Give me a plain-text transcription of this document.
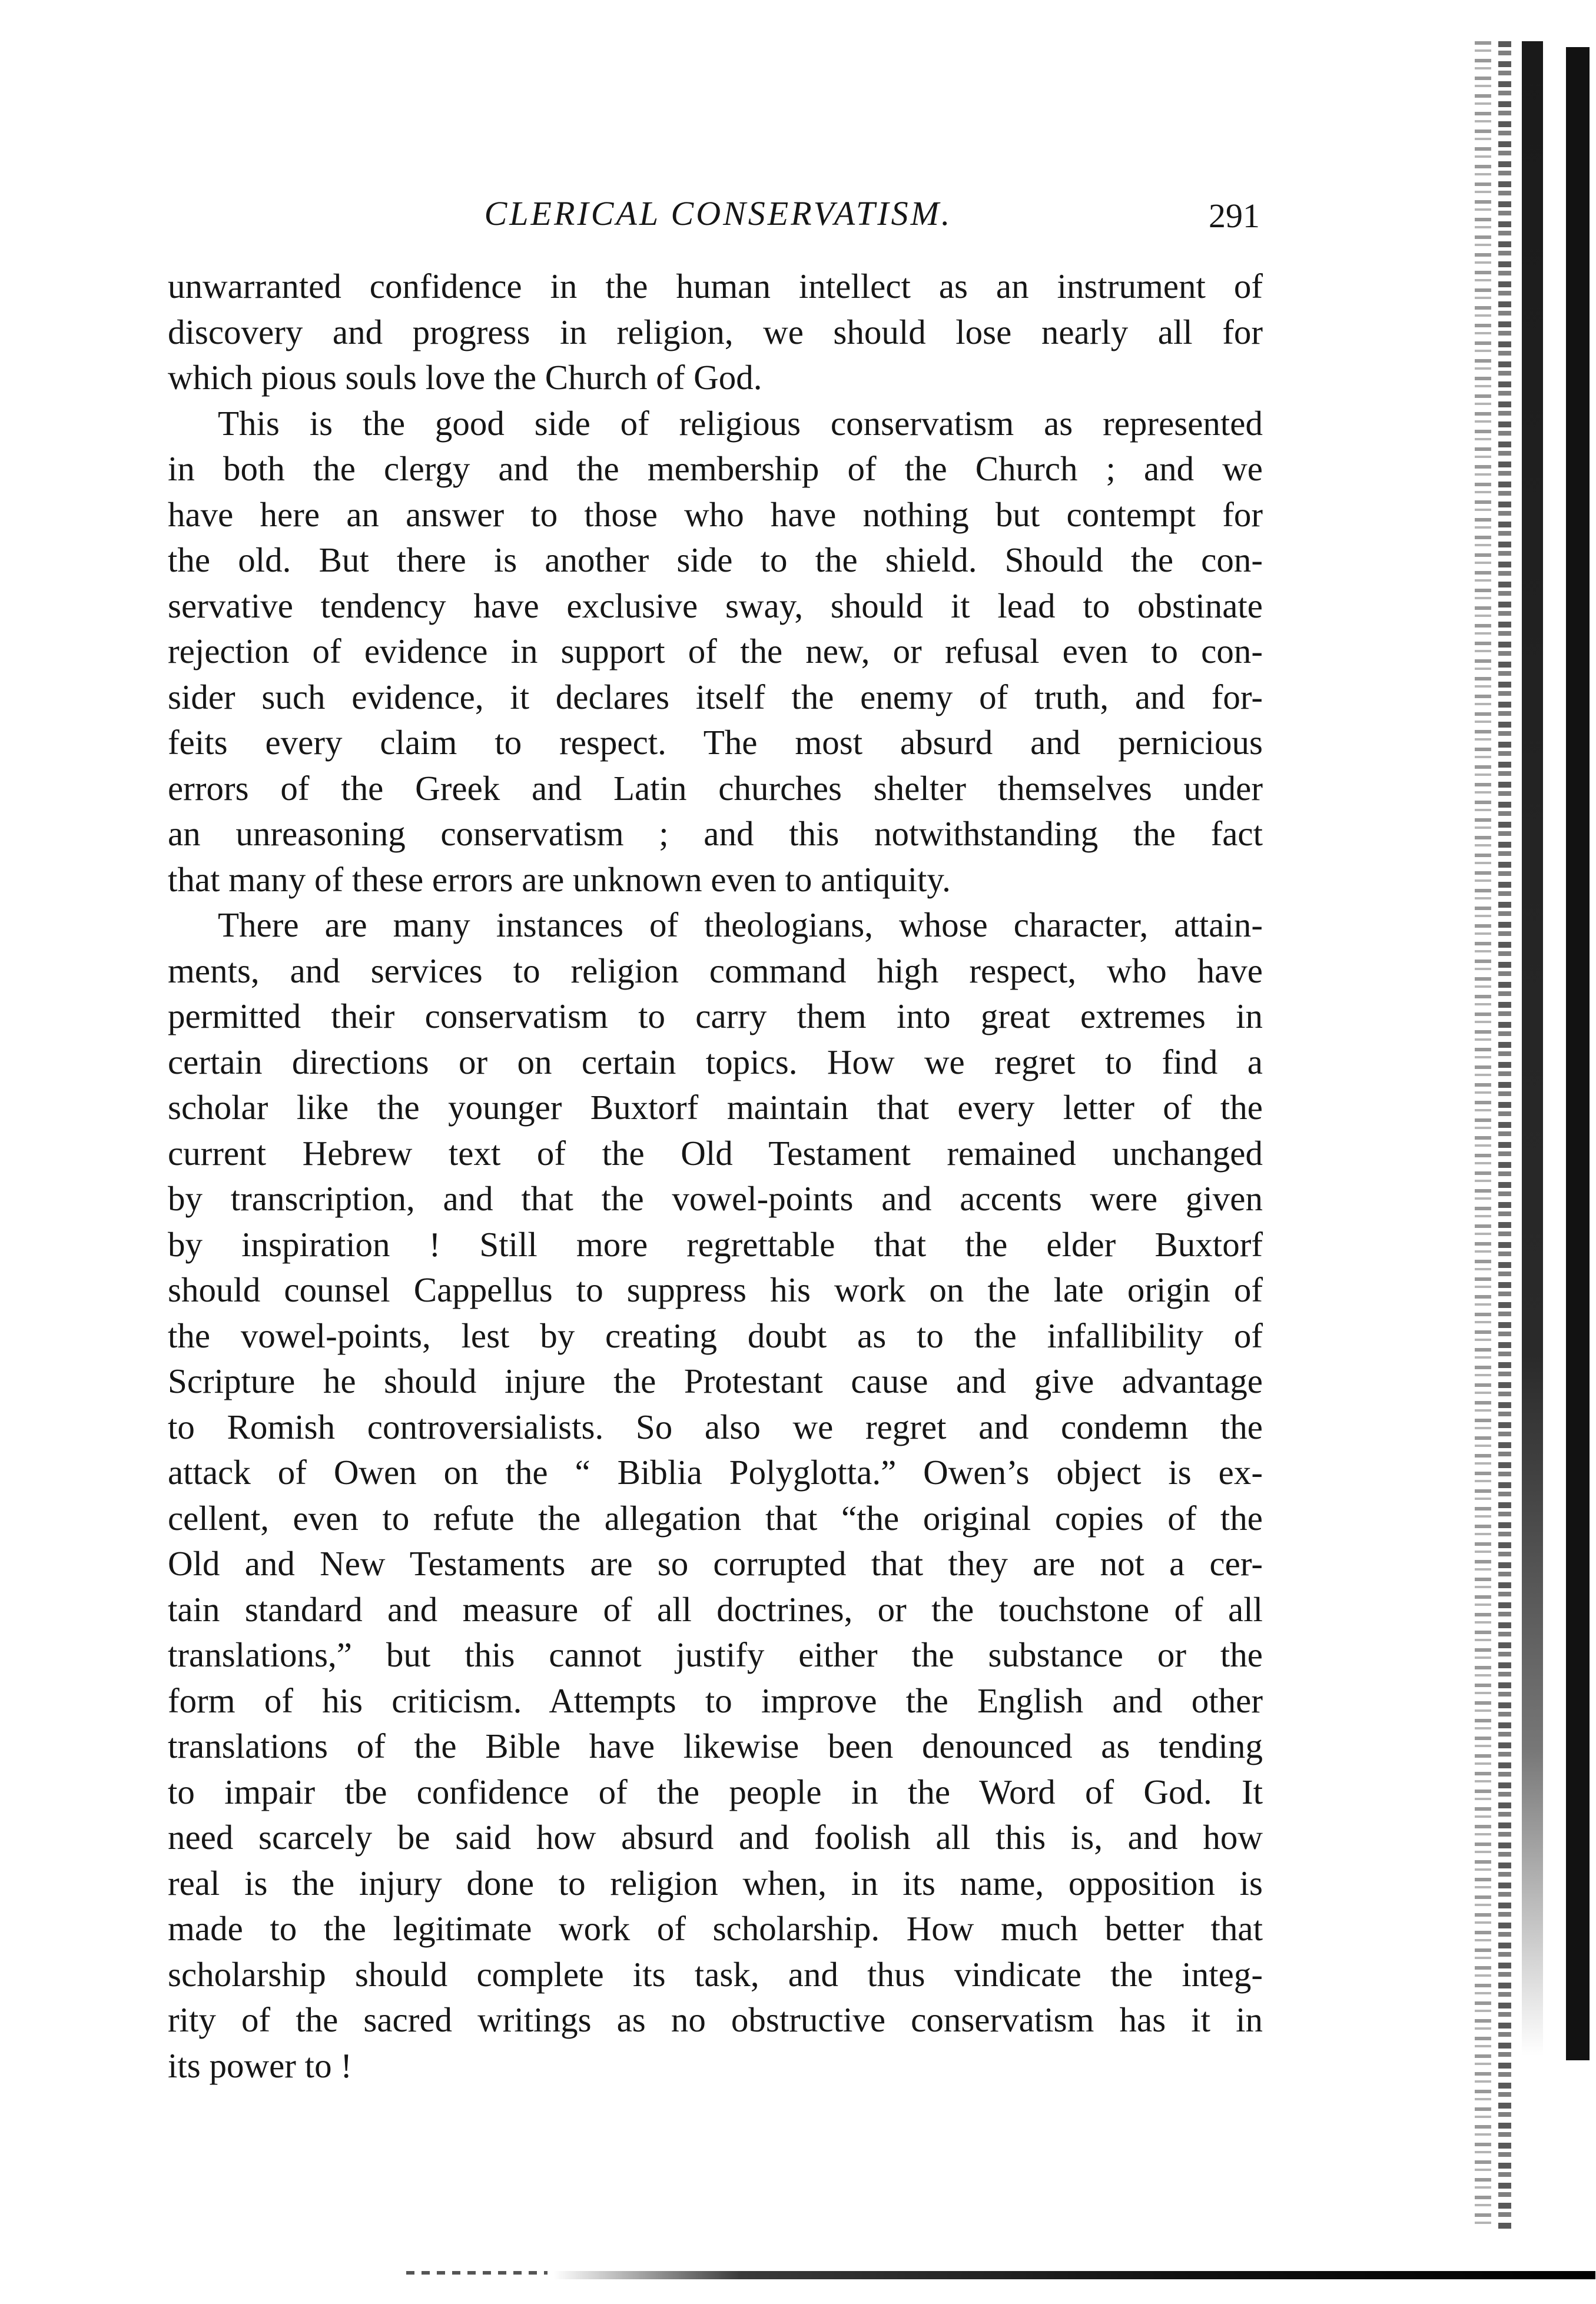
CLERICAL CONSERVATISM.	291
unwarranted confidence in the human intellect as an instrument of
discovery and progress in religion, we should lose nearly all for
which pious souls love the Church of God.
This is the good side of religious conservatism as represented
in both the clergy and the membership of the Church ; and we
have here an answer to those who have nothing but contempt for
the old. But there is another side to the shield. Should the con-
servative tendency have exclusive sway, should it lead to obstinate
rejection of evidence in support of the new, or refusal even to con-
sider such evidence, it declares itself the enemy of truth, and for-
feits every claim to respect. The most absurd and pernicious
errors of the Greek and Latin churches shelter themselves under
an unreasoning conservatism ; and this notwithstanding the fact
that many of these errors are unknown even to antiquity.
There are many instances of theologians, whose character, attain-
ments, and services to religion command high respect, who have
permitted their conservatism to carry them into great extremes in
certain directions or on certain topics. How we regret to find a
scholar like the younger Buxtorf maintain that every letter of the
current Hebrew text of the Old Testament remained unchanged
by transcription, and that the vowel-points and accents were given
by inspiration ! Still more regrettable that the elder Buxtorf
should counsel Cappellus to suppress his work on the late origin of
the vowel-points, lest by creating doubt as to the infallibility of
Scripture he should injure the Protestant cause and give advantage
to Romish controversialists. So also we regret and condemn the
attack of Owen on the “ Biblia Polyglotta.” Owen’s object is ex-
cellent, even to refute the allegation that “the original copies of the
Old and New Testaments are so corrupted that they are not a cer-
tain standard and measure of all doctrines, or the touchstone of all
translations,” but this cannot justify either the substance or the
form of his criticism. Attempts to improve the English and other
translations of the Bible have likewise been denounced as tending
to impair tbe confidence of the people in the Word of God. It
need scarcely be said how absurd and foolish all this is, and how
real is the injury done to religion when, in its name, opposition is
made to the legitimate work of scholarship. How much better that
scholarship should complete its task, and thus vindicate the integ-
rity of the sacred writings as no obstructive conservatism has it in
its power to !
